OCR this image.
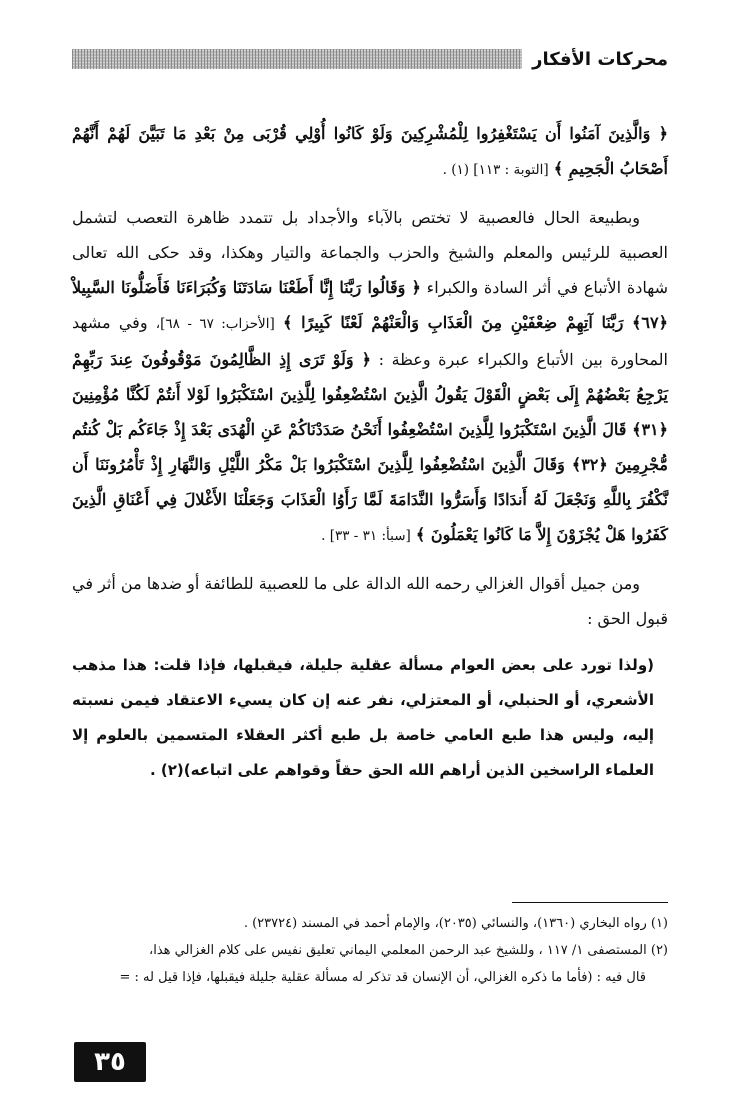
محركات الأفكار

﴿ وَالَّذِينَ آمَنُوا أَن يَسْتَغْفِرُوا لِلْمُشْرِكِينَ وَلَوْ كَانُوا أُوْلِي قُرْبَى مِنْ بَعْدِ مَا تَبَيَّنَ لَهُمْ أَنَّهُمْ أَصْحَابُ الْجَحِيمِ ﴾ [التوبة : ١١٣] (١) .

وبطبيعة الحال فالعصبية لا تختص بالآباء والأجداد بل تتمدد ظاهرة التعصب لتشمل العصبية للرئيس والمعلم والشيخ والحزب والجماعة والتيار وهكذا، وقد حكى الله تعالى شهادة الأتباع في أثر السادة والكبراء ﴿ وَقَالُوا رَبَّنَا إِنَّا أَطَعْنَا سَادَتَنَا وَكُبَرَاءَنَا فَأَضَلُّونَا السَّبِيلاْ ﴿٦٧﴾ رَبَّنَا آتِهِمْ ضِعْفَيْنِ مِنَ الْعَذَابِ وَالْعَنْهُمْ لَعْنًا كَبِيرًا ﴾ [الأحزاب: ٦٧ - ٦٨]، وفي مشهد المحاورة بين الأتباع والكبراء عبرة وعظة : ﴿ وَلَوْ تَرَى إِذِ الظَّالِمُونَ مَوْقُوفُونَ عِندَ رَبِّهِمْ يَرْجِعُ بَعْضُهُمْ إِلَى بَعْضٍ الْقَوْلَ يَقُولُ الَّذِينَ اسْتُضْعِفُوا لِلَّذِينَ اسْتَكْبَرُوا لَوْلا أَنتُمْ لَكُنَّا مُؤْمِنِينَ ﴿٣١﴾ قَالَ الَّذِينَ اسْتَكْبَرُوا لِلَّذِينَ اسْتُضْعِفُوا أَنَحْنُ صَدَدْنَاكُمْ عَنِ الْهُدَى بَعْدَ إِذْ جَاءَكُم بَلْ كُنتُم مُّجْرِمِينَ ﴿٣٢﴾ وَقَالَ الَّذِينَ اسْتُضْعِفُوا لِلَّذِينَ اسْتَكْبَرُوا بَلْ مَكْرُ اللَّيْلِ وَالنَّهَارِ إِذْ تَأْمُرُونَنَا أَن نَّكْفُرَ بِاللَّهِ وَنَجْعَلَ لَهُ أَندَادًا وَأَسَرُّوا النَّدَامَةَ لَمَّا رَأَوُا الْعَذَابَ وَجَعَلْنَا الأَغْلالَ فِي أَعْنَاقِ الَّذِينَ كَفَرُوا هَلْ يُجْزَوْنَ إِلاَّ مَا كَانُوا يَعْمَلُونَ ﴾ [سبأ: ٣١ - ٣٣] .

ومن جميل أقوال الغزالي رحمه الله الدالة على ما للعصبية للطائفة أو ضدها من أثر في قبول الحق :

(ولذا تورد على بعض العوام مسألة عقلية جليلة، فيقبلها، فإذا قلت: هذا مذهب الأشعري، أو الحنبلي، أو المعتزلي، نفر عنه إن كان يسيء الاعتقاد فيمن نسبته إليه، وليس هذا طبع العامي خاصة بل طبع أكثر العقلاء المتسمين بالعلوم إلا العلماء الراسخين الذين أراهم الله الحق حقاً وقواهم على اتباعه)(٢) .

(١) رواه البخاري (١٣٦٠)، والنسائي (٢٠٣٥)، والإمام أحمد في المسند (٢٣٧٢٤) .

(٢) المستصفى ١/ ١١٧ ، وللشيخ عبد الرحمن المعلمي اليماني تعليق نفيس على كلام الغزالي هذا،

قال فيه : (فأما ما ذكره الغزالي، أن الإنسان قد تذكر له مسألة عقلية جليلة فيقبلها، فإذا قيل له : =

٣٥
